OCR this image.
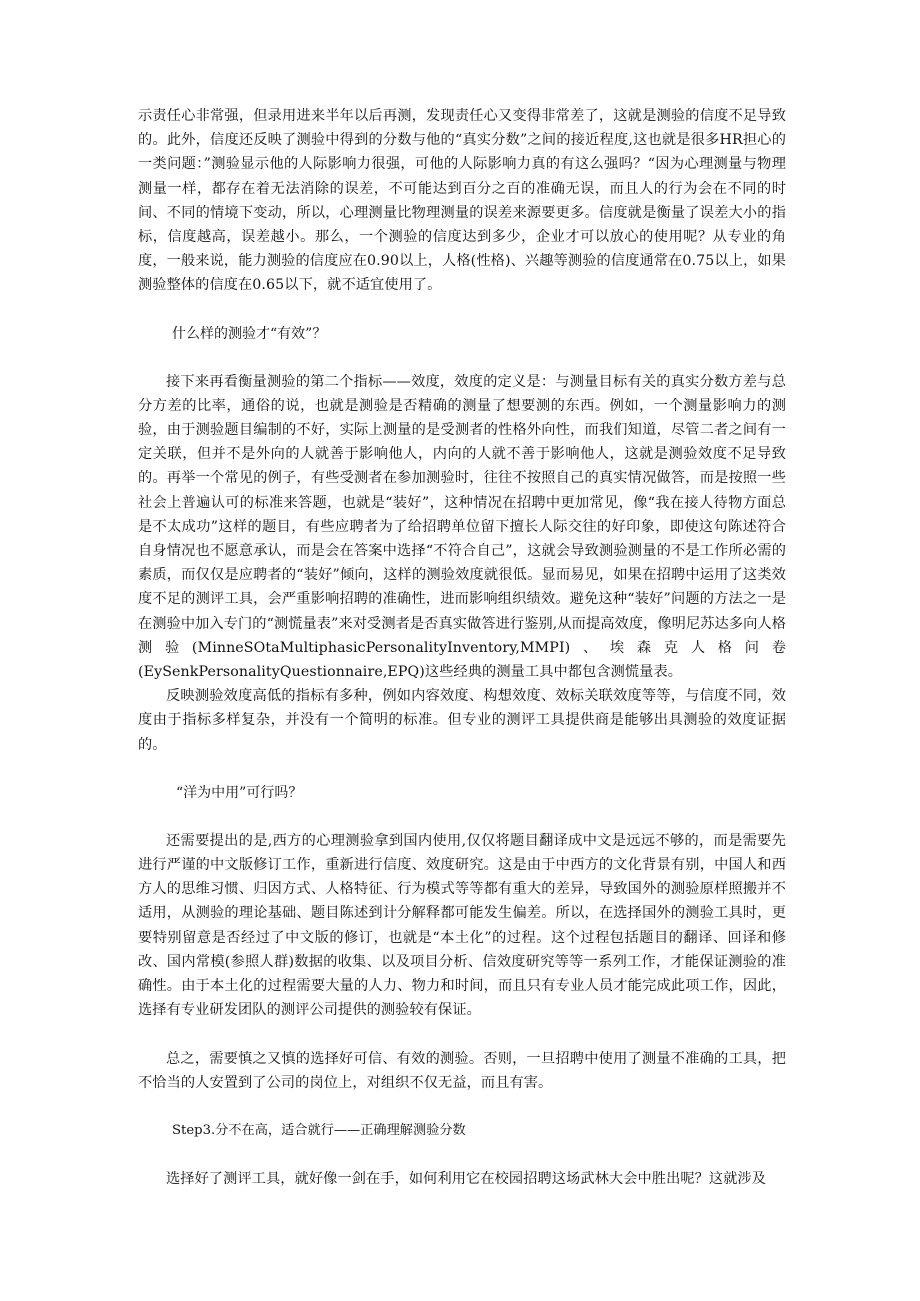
示责任心非常强，但录用进来半年以后再测，发现责任心又变得非常差了，这就是测验的信度不足导致的。此外，信度还反映了测验中得到的分数与他的“真实分数”之间的接近程度,这也就是很多HR担心的一类问题：”测验显示他的人际影响力很强，可他的人际影响力真的有这么强吗？“因为心理测量与物理测量一样，都存在着无法消除的误差，不可能达到百分之百的准确无误，而且人的行为会在不同的时间、不同的情境下变动，所以，心理测量比物理测量的误差来源要更多。信度就是衡量了误差大小的指标，信度越高，误差越小。那么，一个测验的信度达到多少，企业才可以放心的使用呢？从专业的角度，一般来说，能力测验的信度应在0.90以上，人格(性格)、兴趣等测验的信度通常在0.75以上，如果测验整体的信度在0.65以下，就不适宜使用了。

什么样的测验才“有效”？

接下来再看衡量测验的第二个指标——效度，效度的定义是：与测量目标有关的真实分数方差与总分方差的比率，通俗的说，也就是测验是否精确的测量了想要测的东西。例如，一个测量影响力的测验，由于测验题目编制的不好，实际上测量的是受测者的性格外向性，而我们知道，尽管二者之间有一定关联，但并不是外向的人就善于影响他人，内向的人就不善于影响他人，这就是测验效度不足导致的。再举一个常见的例子，有些受测者在参加测验时，往往不按照自己的真实情况做答，而是按照一些社会上普遍认可的标准来答题，也就是“装好”，这种情况在招聘中更加常见，像“我在接人待物方面总是不太成功”这样的题目，有些应聘者为了给招聘单位留下擅长人际交往的好印象，即使这句陈述符合自身情况也不愿意承认，而是会在答案中选择“不符合自己”，这就会导致测验测量的不是工作所必需的素质，而仅仅是应聘者的“装好”倾向，这样的测验效度就很低。显而易见，如果在招聘中运用了这类效度不足的测评工具，会严重影响招聘的准确性，进而影响组织绩效。避免这种“装好”问题的方法之一是在测验中加入专门的“测慌量表”来对受测者是否真实做答进行鉴别,从而提高效度，像明尼苏达多向人格测验(MinneSOtaMultiphasicPersonalityInventory,MMPI)、埃森克人格问卷(EySenkPersonalityQuestionnaire,EPQ)这些经典的测量工具中都包含测慌量表。

反映测验效度高低的指标有多种，例如内容效度、构想效度、效标关联效度等等，与信度不同，效度由于指标多样复杂，并没有一个简明的标准。但专业的测评工具提供商是能够出具测验的效度证据的。

“洋为中用”可行吗？

还需要提出的是,西方的心理测验拿到国内使用,仅仅将题目翻译成中文是远远不够的，而是需要先进行严谨的中文版修订工作，重新进行信度、效度研究。这是由于中西方的文化背景有别，中国人和西方人的思维习惯、归因方式、人格特征、行为模式等等都有重大的差异，导致国外的测验原样照搬并不适用，从测验的理论基础、题目陈述到计分解释都可能发生偏差。所以，在选择国外的测验工具时，更要特别留意是否经过了中文版的修订，也就是“本土化”的过程。这个过程包括题目的翻译、回译和修改、国内常模(参照人群)数据的收集、以及项目分析、信效度研究等等一系列工作，才能保证测验的准确性。由于本土化的过程需要大量的人力、物力和时间，而且只有专业人员才能完成此项工作，因此，选择有专业研发团队的测评公司提供的测验较有保证。

总之，需要慎之又慎的选择好可信、有效的测验。否则，一旦招聘中使用了测量不准确的工具，把不恰当的人安置到了公司的岗位上，对组织不仅无益，而且有害。

Step3.分不在高，适合就行——正确理解测验分数

选择好了测评工具，就好像一剑在手，如何利用它在校园招聘这场武林大会中胜出呢？这就涉及
